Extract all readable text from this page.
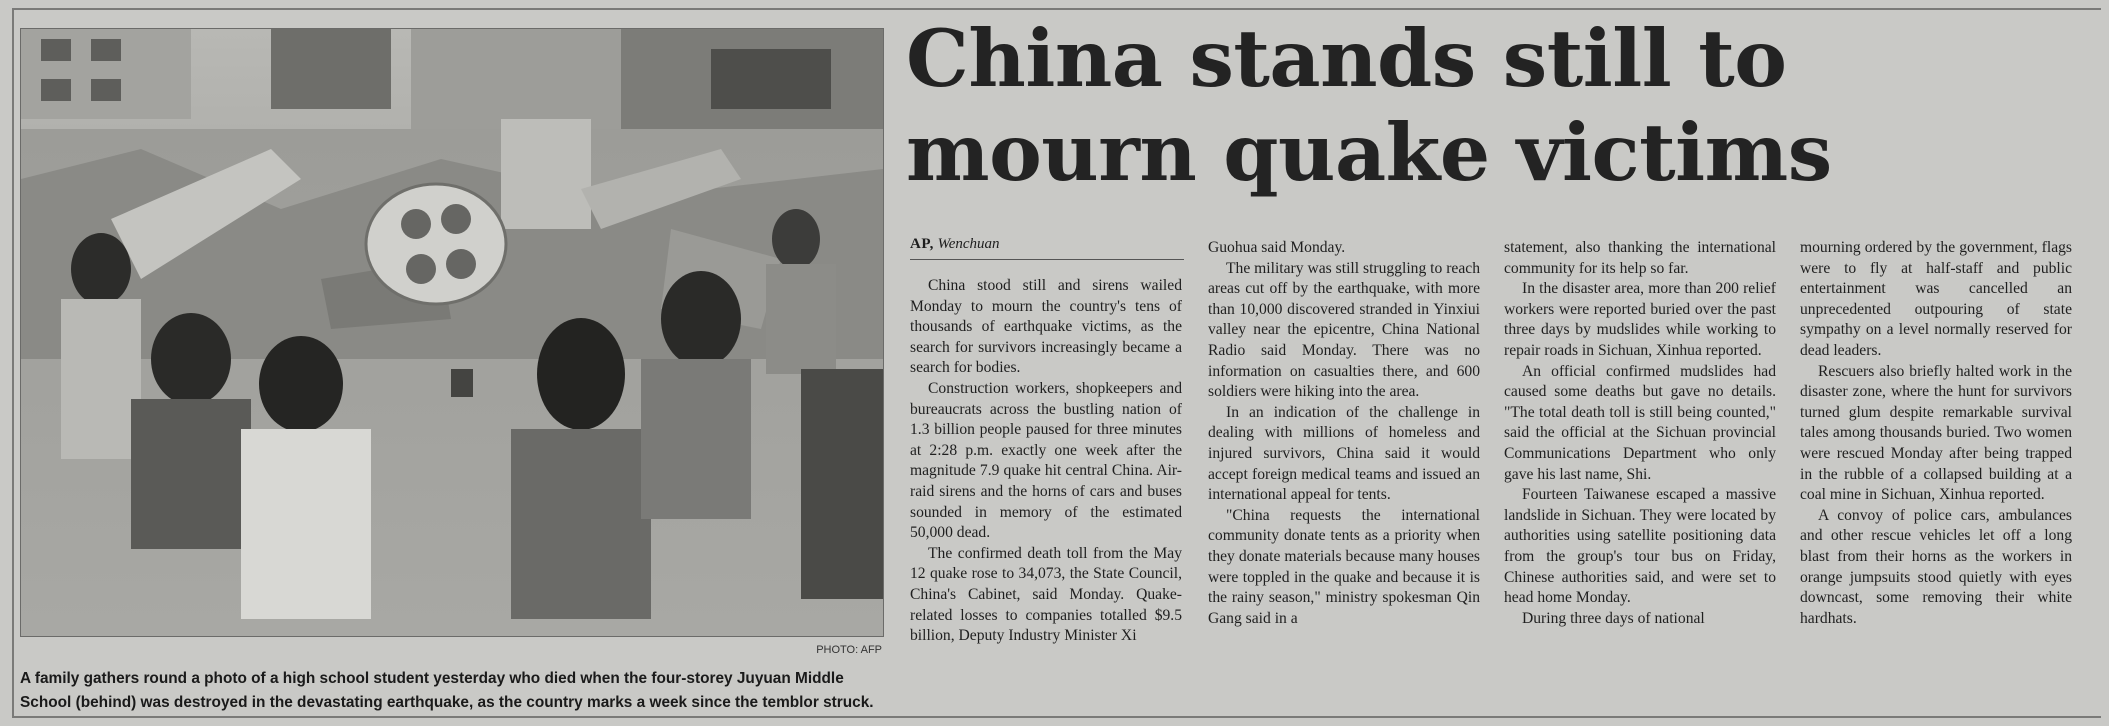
PHOTO: AFP
A family gathers round a photo of a high school student yesterday who died when the four-storey Juyuan Middle School (behind) was destroyed in the devastating earthquake, as the country marks a week since the temblor struck.
China stands still to mourn quake victims
AP, Wenchuan

China stood still and sirens wailed Monday to mourn the country's tens of thousands of earthquake victims, as the search for survivors increasingly became a search for bodies.

Construction workers, shopkeepers and bureaucrats across the bustling nation of 1.3 billion people paused for three minutes at 2:28 p.m. exactly one week after the magnitude 7.9 quake hit central China. Air-raid sirens and the horns of cars and buses sounded in memory of the estimated 50,000 dead.

The confirmed death toll from the May 12 quake rose to 34,073, the State Council, China's Cabinet, said Monday. Quake-related losses to companies totalled $9.5 billion, Deputy Industry Minister Xi

Guohua said Monday.

The military was still struggling to reach areas cut off by the earthquake, with more than 10,000 discovered stranded in Yinxiui valley near the epicentre, China National Radio said Monday. There was no information on casualties there, and 600 soldiers were hiking into the area.

In an indication of the challenge in dealing with millions of homeless and injured survivors, China said it would accept foreign medical teams and issued an international appeal for tents.

"China requests the international community donate tents as a priority when they donate materials because many houses were toppled in the quake and because it is the rainy season," ministry spokesman Qin Gang said in a

statement, also thanking the international community for its help so far.

In the disaster area, more than 200 relief workers were reported buried over the past three days by mudslides while working to repair roads in Sichuan, Xinhua reported.

An official confirmed mudslides had caused some deaths but gave no details. "The total death toll is still being counted," said the official at the Sichuan provincial Communications Department who only gave his last name, Shi.

Fourteen Taiwanese escaped a massive landslide in Sichuan. They were located by authorities using satellite positioning data from the group's tour bus on Friday, Chinese authorities said, and were set to head home Monday.

During three days of national

mourning ordered by the government, flags were to fly at half-staff and public entertainment was cancelled an unprecedented outpouring of state sympathy on a level normally reserved for dead leaders.

Rescuers also briefly halted work in the disaster zone, where the hunt for survivors turned glum despite remarkable survival tales among thousands buried. Two women were rescued Monday after being trapped in the rubble of a collapsed building at a coal mine in Sichuan, Xinhua reported.

A convoy of police cars, ambulances and other rescue vehicles let off a long blast from their horns as the workers in orange jumpsuits stood quietly with eyes downcast, some removing their white hardhats.
